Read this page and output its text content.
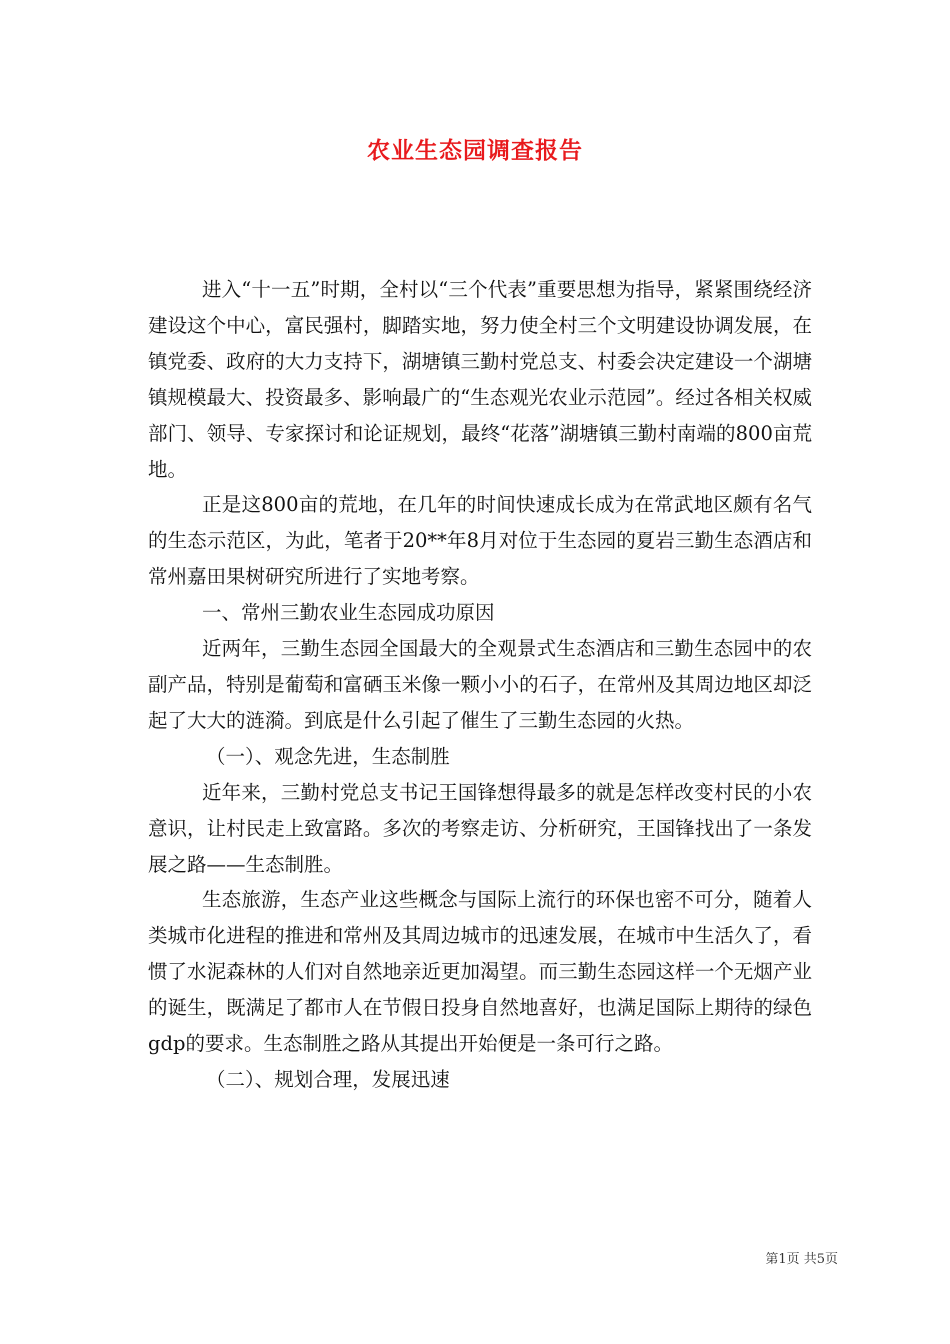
农业生态园调查报告

进入“十一五”时期，全村以“三个代表”重要思想为指导，紧紧围绕经济建设这个中心，富民强村，脚踏实地，努力使全村三个文明建设协调发展，在镇党委、政府的大力支持下，湖塘镇三勤村党总支、村委会决定建设一个湖塘镇规模最大、投资最多、影响最广的“生态观光农业示范园”。经过各相关权威部门、领导、专家探讨和论证规划，最终“花落”湖塘镇三勤村南端的800亩荒地。

正是这800亩的荒地，在几年的时间快速成长成为在常武地区颇有名气的生态示范区，为此，笔者于20**年8月对位于生态园的夏岩三勤生态酒店和常州嘉田果树研究所进行了实地考察。

一、常州三勤农业生态园成功原因

近两年，三勤生态园全国最大的全观景式生态酒店和三勤生态园中的农副产品，特别是葡萄和富硒玉米像一颗小小的石子，在常州及其周边地区却泛起了大大的涟漪。到底是什么引起了催生了三勤生态园的火热。

（一）、观念先进，生态制胜

近年来，三勤村党总支书记王国锋想得最多的就是怎样改变村民的小农意识，让村民走上致富路。多次的考察走访、分析研究，王国锋找出了一条发展之路——生态制胜。

生态旅游，生态产业这些概念与国际上流行的环保也密不可分，随着人类城市化进程的推进和常州及其周边城市的迅速发展，在城市中生活久了，看惯了水泥森林的人们对自然地亲近更加渴望。而三勤生态园这样一个无烟产业的诞生，既满足了都市人在节假日投身自然地喜好，也满足国际上期待的绿色gdp的要求。生态制胜之路从其提出开始便是一条可行之路。

（二）、规划合理，发展迅速

第1页 共5页
